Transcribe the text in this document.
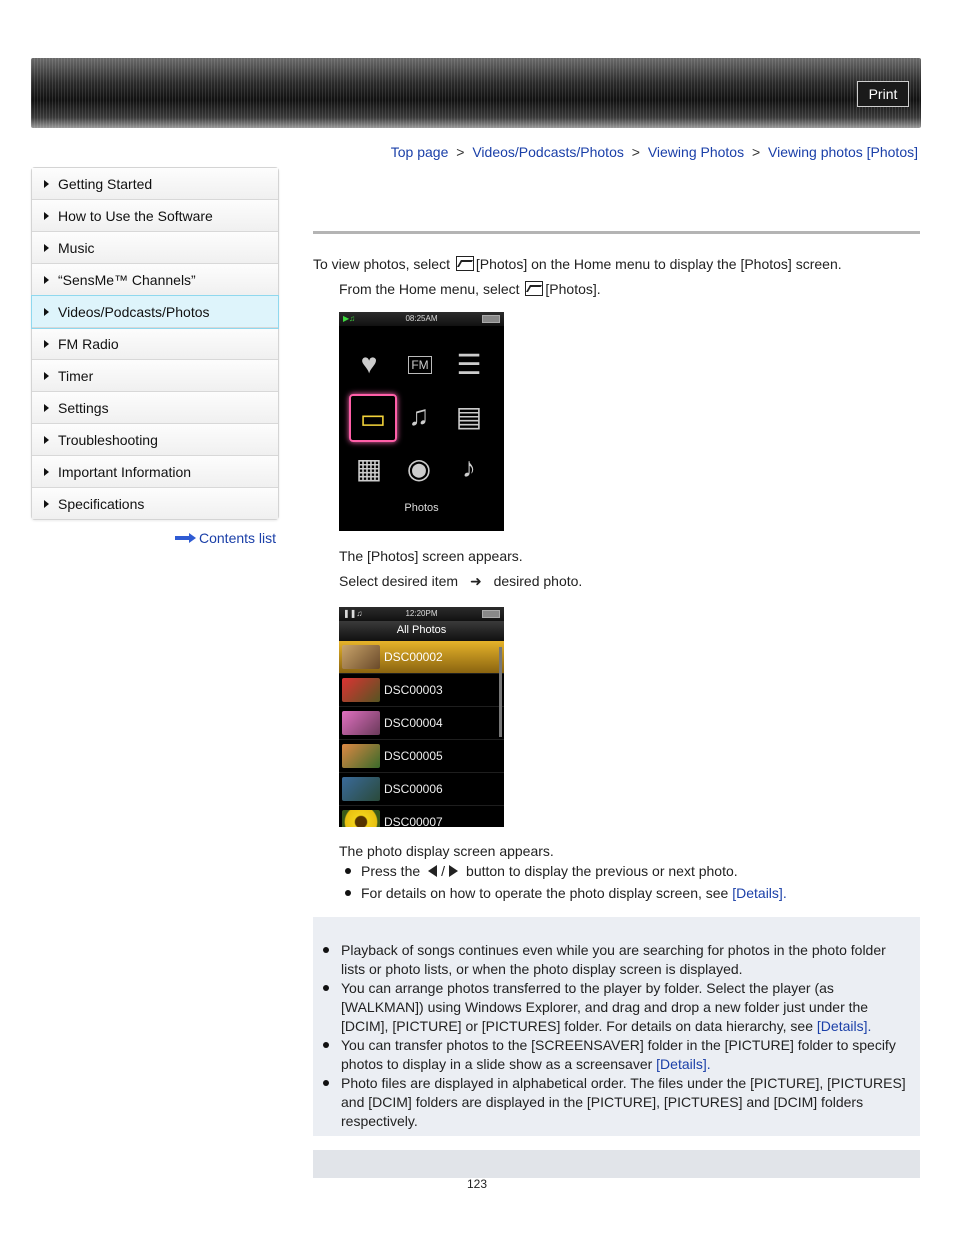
Print
Top page > Videos/Podcasts/Photos > Viewing Photos > Viewing photos [Photos]
Getting Started
How to Use the Software
Music
“SensMe™ Channels”
Videos/Podcasts/Photos
FM Radio
Timer
Settings
Troubleshooting
Important Information
Specifications
Contents list
To view photos, select [Photos] on the Home menu to display the [Photos] screen.
From the Home menu, select [Photos].
▶♫	08:25AM
♥	FM ☰
▭ ♫ ▤
▦ ◉	♪
Photos
The [Photos] screen appears.
Select desired item ➜ desired photo.
❚❚♫	12:20PM
All Photos
DSC00002
DSC00003
DSC00004
DSC00005
DSC00006
DSC00007
The photo display screen appears.
Press the / button to display the previous or next photo.
For details on how to operate the photo display screen, see
[Details] .
Playback of songs continues even while you are searching for photos in the photo folder lists or photo lists, or when the photo display screen is displayed.
You can arrange photos transferred to the player by folder. Select the player (as [WALKMAN]) using Windows Explorer, and drag and drop a new folder just under the [DCIM], [PICTURE] or [PICTURES] folder. For details on data hierarchy, see [Details].
You can transfer photos to the [SCREENSAVER] folder in the [PICTURE] folder to specify photos to display in a slide show as a screensaver [Details].
Photo files are displayed in alphabetical order. The files under the [PICTURE], [PICTURES] and [DCIM] folders are displayed in the [PICTURE], [PICTURES] and [DCIM] folders respectively.
123
